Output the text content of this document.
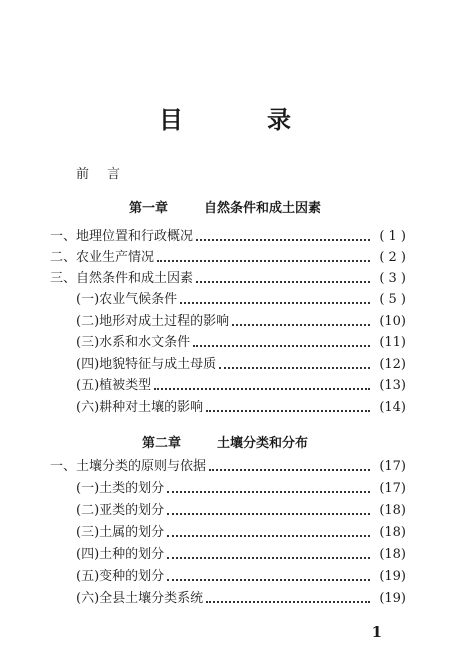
目　录
前言
第一章	自然条件和成土因素
一、地理位置和行政概况	( 1 )
二、农业生产情况	( 2 )
三、自然条件和成土因素	( 3 )
(一)农业气候条件	( 5 )
(二)地形对成土过程的影响	(10)
(三)水系和水文条件	(11)
(四)地貌特征与成土母质	(12)
(五)植被类型	(13)
(六)耕种对土壤的影响	(14)
第二章	土壤分类和分布
一、土壤分类的原则与依据	(17)
(一)土类的划分	(17)
(二)亚类的划分	(18)
(三)土属的划分	(18)
(四)土种的划分	(18)
(五)变种的划分	(19)
(六)全县土壤分类系统	(19)
1
